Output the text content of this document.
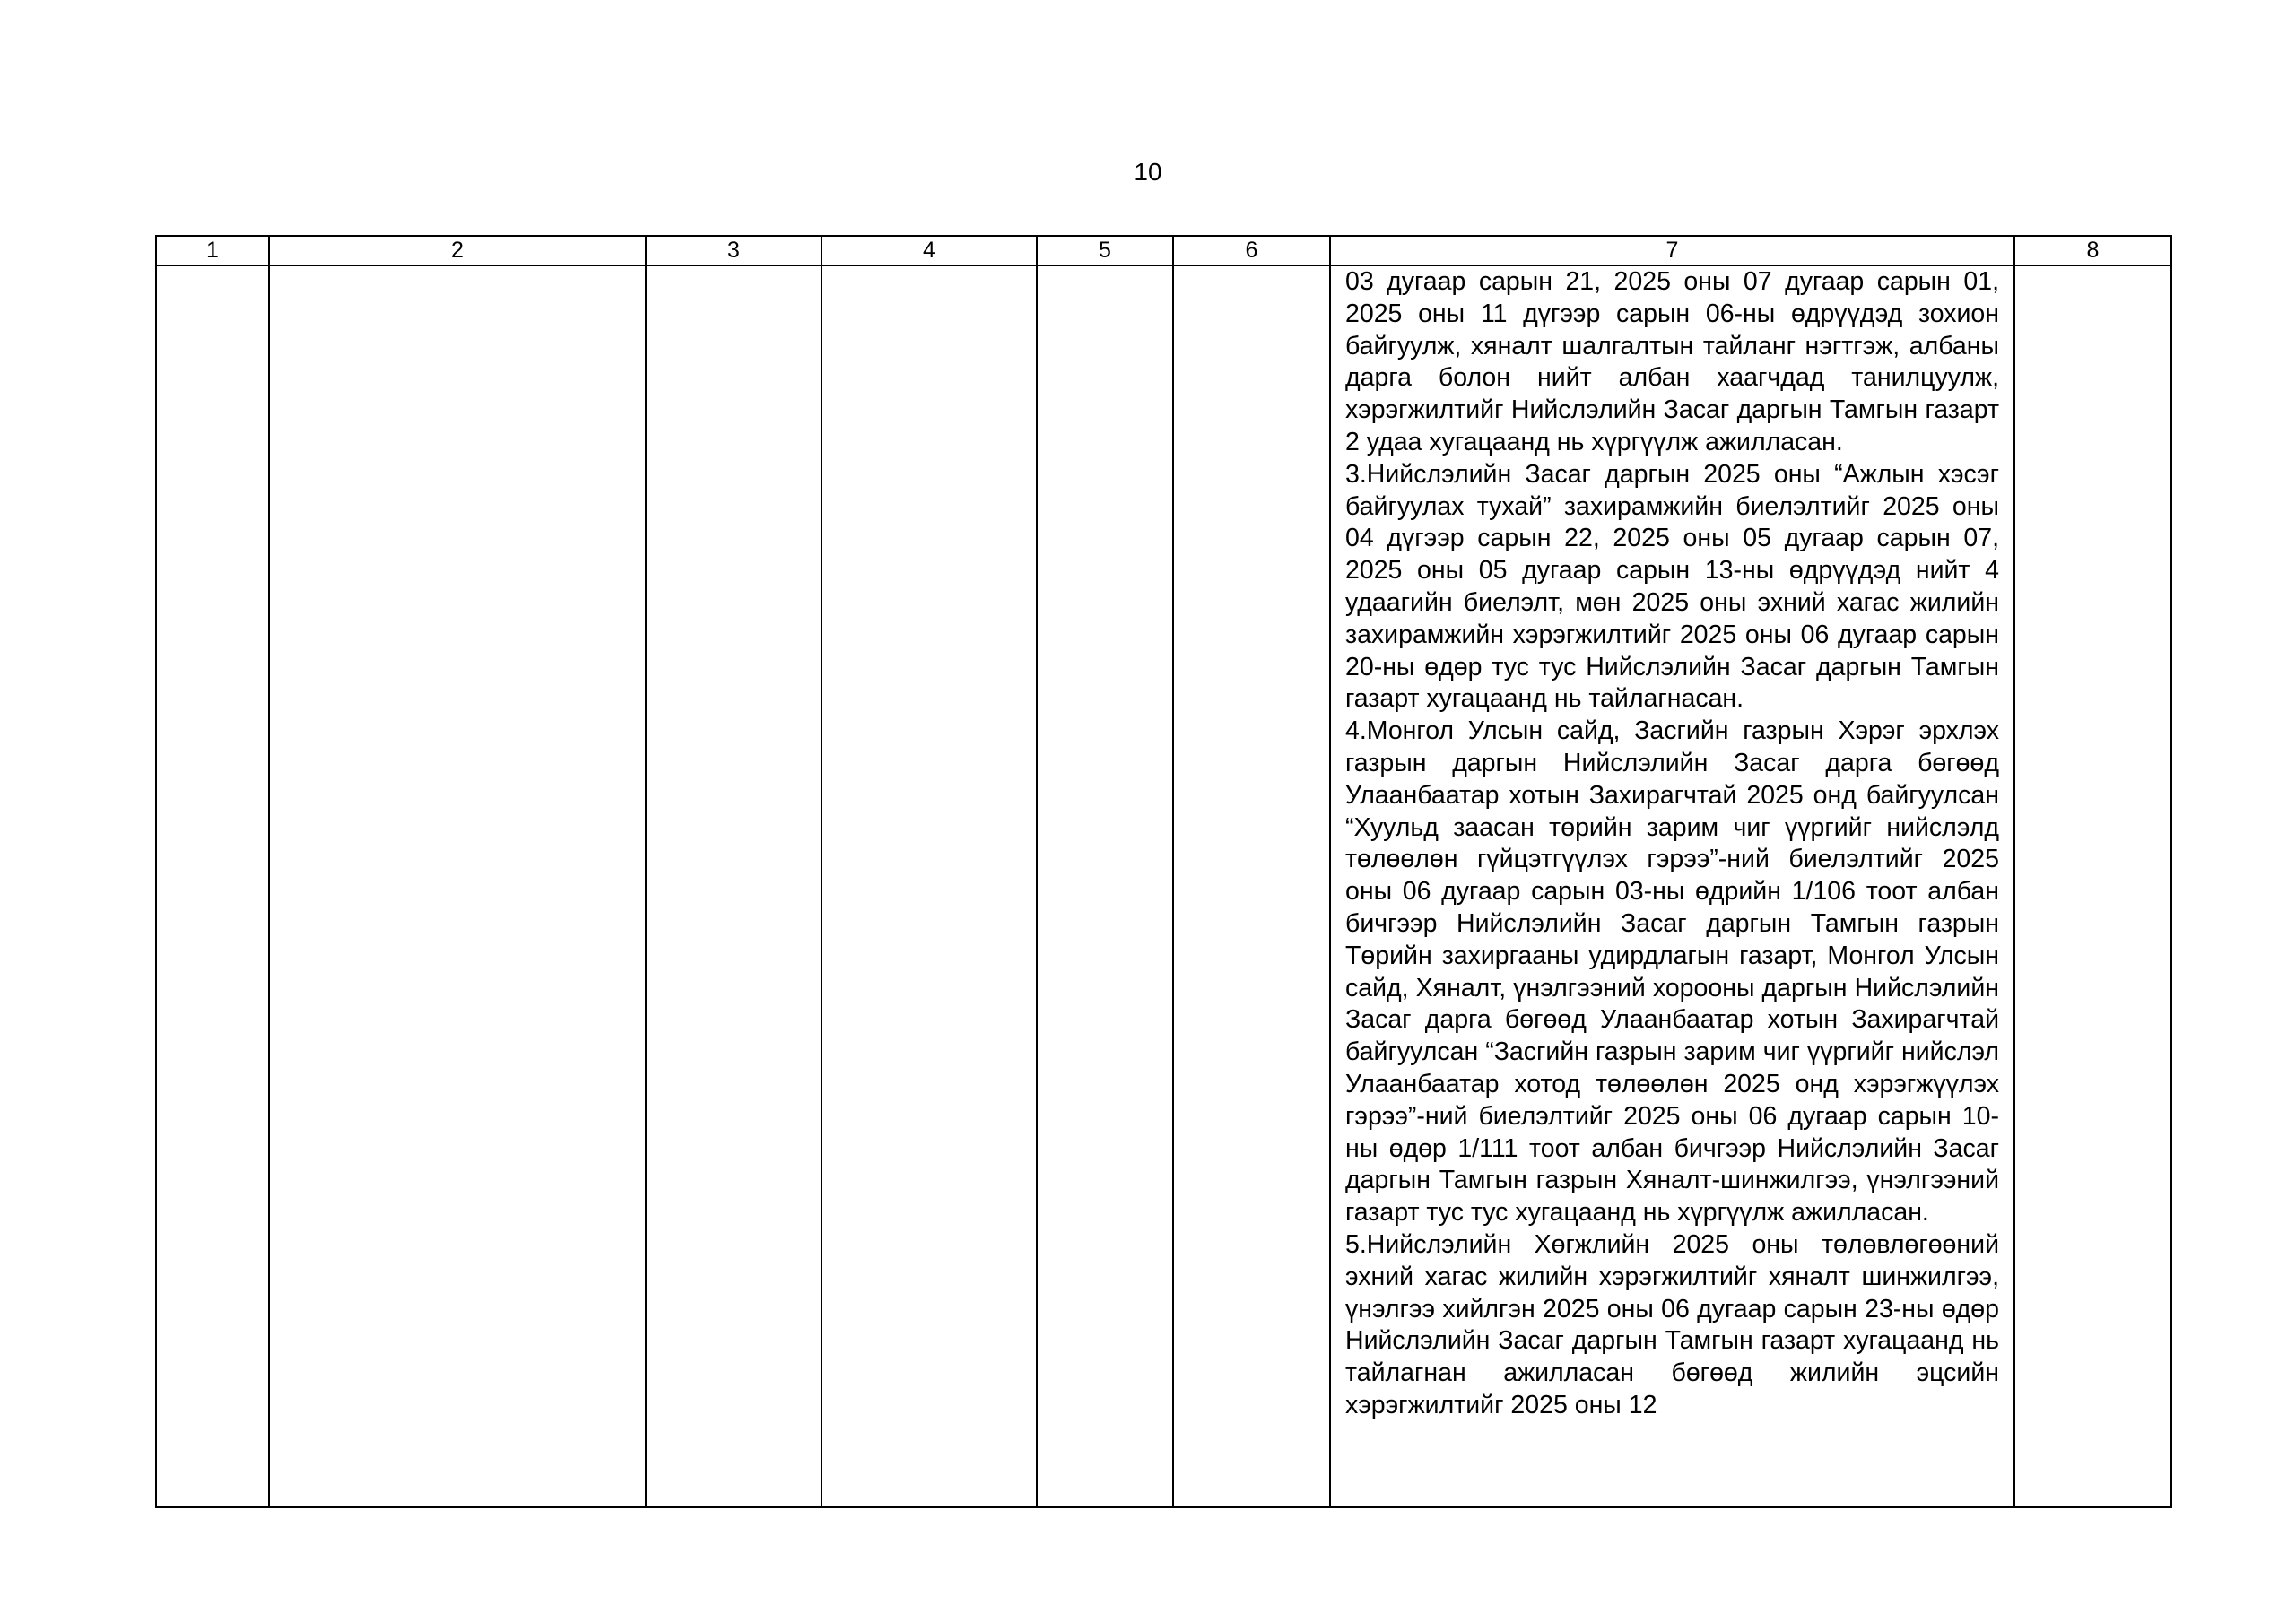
10
1	2	3	4	5	6	7	8

						03 дугаар сарын 21, 2025 оны 07 дугаар сарын 01, 2025 оны 11 дүгээр сарын 06-ны өдрүүдэд зохион байгуулж, хяналт шалгалтын тайланг нэгтгэж, албаны дарга болон нийт албан хаагчдад танилцуулж, хэрэгжилтийг Нийслэлийн Засаг даргын Тамгын газарт 2 удаа хугацаанд нь хүргүүлж ажилласан.

3.Нийслэлийн Засаг даргын 2025 оны “Ажлын хэсэг байгуулах тухай” захирамжийн биелэлтийг 2025 оны 04 дүгээр сарын 22, 2025 оны 05 дугаар сарын 07, 2025 оны 05 дугаар сарын 13-ны өдрүүдэд нийт 4 удаагийн биелэлт, мөн 2025 оны эхний хагас жилийн захирамжийн хэрэгжилтийг 2025 оны 06 дугаар сарын 20-ны өдөр тус тус Нийслэлийн Засаг даргын Тамгын газарт хугацаанд нь тайлагнасан.

4.Монгол Улсын сайд, Засгийн газрын Хэрэг эрхлэх газрын даргын Нийслэлийн Засаг дарга бөгөөд Улаанбаатар хотын Захирагчтай 2025 онд байгуулсан “Хуульд заасан төрийн зарим чиг үүргийг нийслэлд төлөөлөн гүйцэтгүүлэх гэрээ”-ний биелэлтийг 2025 оны 06 дугаар сарын 03-ны өдрийн 1/106 тоот албан бичгээр Нийслэлийн Засаг даргын Тамгын газрын Төрийн захиргааны удирдлагын газарт, Монгол Улсын сайд, Хяналт, үнэлгээний хорооны даргын Нийслэлийн Засаг дарга бөгөөд Улаанбаатар хотын Захирагчтай байгуулсан “Засгийн газрын зарим чиг үүргийг нийслэл Улаанбаатар хотод төлөөлөн 2025 онд хэрэгжүүлэх гэрээ”-ний биелэлтийг 2025 оны 06 дугаар сарын 10-ны өдөр 1/111 тоот албан бичгээр Нийслэлийн Засаг даргын Тамгын газрын Хяналт-шинжилгээ, үнэлгээний газарт тус тус хугацаанд нь хүргүүлж ажилласан.

5.Нийслэлийн Хөгжлийн 2025 оны төлөвлөгөөний эхний хагас жилийн хэрэгжилтийг хяналт шинжилгээ, үнэлгээ хийлгэн 2025 оны 06 дугаар сарын 23-ны өдөр Нийслэлийн Засаг даргын Тамгын газарт хугацаанд нь тайлагнан ажилласан бөгөөд жилийн эцсийн хэрэгжилтийг 2025 оны 12	
